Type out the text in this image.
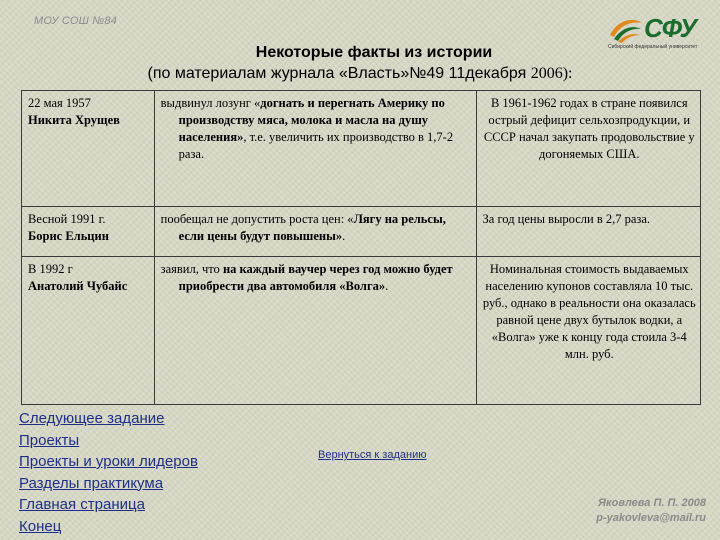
МОУ СОШ №84	СФУ
Сибирский федеральный университет
Некоторые факты из истории
(по материалам журнала «Власть»№49 11декабря 2006):
22 мая 1957
Никита Хрущев	выдвинул лозунг «догнать и перегнать Америку по производству мяса, молока и масла на душу населения», т.е. увеличить их производство в 1,7-2 раза.	В 1961-1962 годах в стране появился острый дефицит сельхозпродукции, и СССР начал закупать продовольствие у догоняемых США.

Весной 1991 г.
Борис Ельцин	пообещал не допустить роста цен: «Лягу на рельсы, если цены будут повышены».	За год цены выросли в 2,7 раза.

В 1992 г
Анатолий Чубайс	заявил, что на каждый ваучер через год можно будет приобрести два автомобиля «Волга».	Номинальная стоимость выдаваемых населению купонов составляла 10 тыс. руб., однако в реальности она оказалась равной цене двух бутылок водки, а «Волга» уже к концу года стоила 3-4 млн. руб.
Следующее задание
Проекты
Проекты и уроки лидеров
Разделы практикума
Главная страница
Конец
Вернуться к заданию
Яковлева П. П. 2008
p-yakovleva@mail.ru
